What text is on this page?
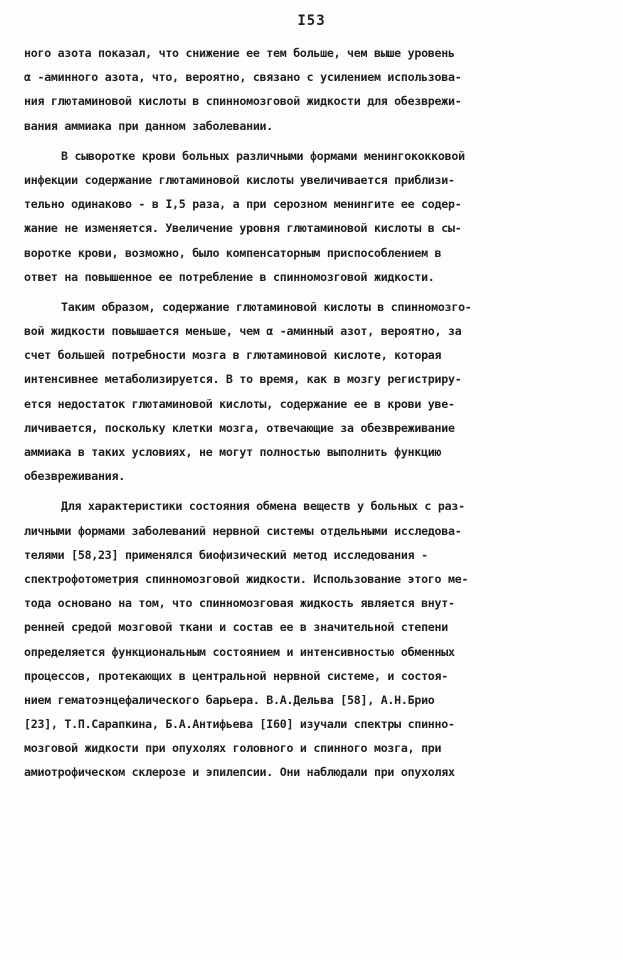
I53
ного азота показал, что снижение ее тем больше, чем выше уровень
α -аминного азота, что, вероятно, связано с усилением использова-
ния глютаминовой кислоты в спинномозговой жидкости для обезврежи-
вания аммиака при данном заболевании.
В сыворотке крови больных различными формами менингококковой
инфекции содержание глютаминовой кислоты увеличивается приблизи-
тельно одинаково - в I,5 раза, а при серозном менингите ее содер-
жание не изменяется. Увеличение уровня глютаминовой кислоты в сы-
воротке крови, возможно, было компенсаторным приспособлением в
ответ на повышенное ее потребление в спинномозговой жидкости.
Таким образом, содержание глютаминовой кислоты в спинномозго-
вой жидкости повышается меньше, чем α -аминный азот, вероятно, за
счет большей потребности мозга в глютаминовой кислоте, которая
интенсивнее метаболизируется. В то время, как в мозгу регистриру-
ется недостаток глютаминовой кислоты, содержание ее в крови уве-
личивается, поскольку клетки мозга, отвечающие за обезвреживание
аммиака в таких условиях, не могут полностью выполнить функцию
обезвреживания.
Для характеристики состояния обмена веществ у больных с раз-
личными формами заболеваний нервной системы отдельными исследова-
телями [58,23] применялся биофизический метод исследования -
спектрофотометрия спинномозговой жидкости. Использование этого ме-
тода основано на том, что спинномозговая жидкость является внут-
ренней средой мозговой ткани и состав ее в значительной степени
определяется функциональным состоянием и интенсивностью обменных
процессов, протекающих в центральной нервной системе, и состоя-
нием гематоэнцефалического барьера. В.А.Дельва [58], А.Н.Брио
[23], Т.П.Сарапкина, Б.А.Антифьева [I60] изучали спектры спинно-
мозговой жидкости при опухолях головного и спинного мозга, при
амиотрофическом склерозе и эпилепсии. Они наблюдали при опухолях
